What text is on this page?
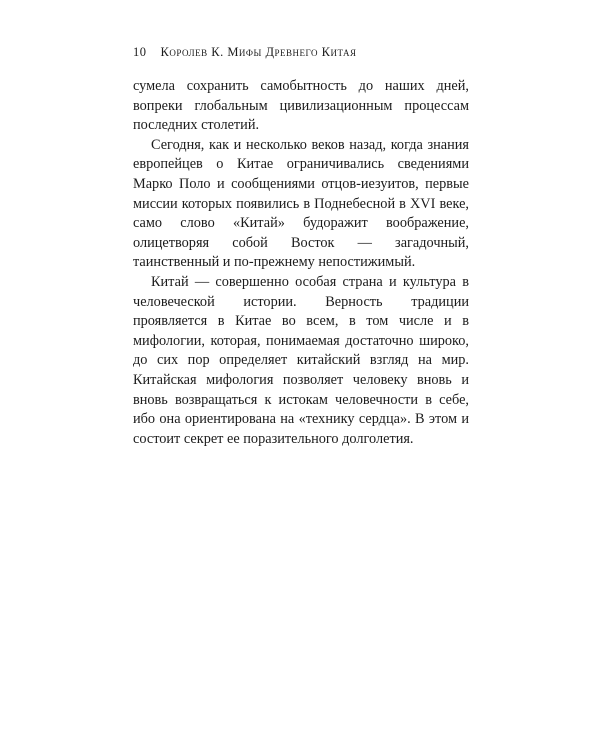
10 Королев К. Мифы Древнего Китая

сумела сохранить самобытность до наших дней, вопреки глобальным цивилизационным процессам последних столетий.

Сегодня, как и несколько веков назад, когда знания европейцев о Китае ограничивались сведениями Марко Поло и сообщениями отцов-иезуитов, первые миссии которых появились в Поднебесной в XVI веке, само слово «Китай» будоражит воображение, олицетворяя собой Восток — загадочный, таинственный и по-прежнему непостижимый.

Китай — совершенно особая страна и культура в человеческой истории. Верность традиции проявляется в Китае во всем, в том числе и в мифологии, которая, понимаемая достаточно широко, до сих пор определяет китайский взгляд на мир. Китайская мифология позволяет человеку вновь и вновь возвращаться к истокам человечности в себе, ибо она ориентирована на «технику сердца». В этом и состоит секрет ее поразительного долголетия.
